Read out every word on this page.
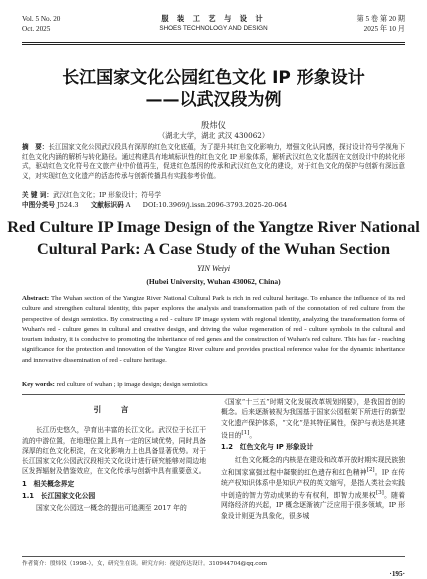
Vol. 5 No. 20
Oct. 2025
服 装 工 艺 与 设 计
SHOES TECHNOLOGY AND DESIGN
第 5 卷 第 20 期
2025 年 10 月
长江国家文化公园红色文化 IP 形象设计
——以武汉段为例
殷炜仪
（湖北大学，湖北 武汉 430062）
摘　要：长江国家文化公园武汉段具有深厚的红色文化底蕴，为了提升其红色文化影响力，增强文化认同感，探讨设计符号学视角下红色文化内涵的解析与转化路径。通过构建具有地域标识性的红色文化 IP 形象体系，解析武汉红色文化基因在文创设计中的转化形式，驱动红色文化符号在文旅产业中价值再生，促进红色基因的传承和武汉红色文化的建设，对于红色文化的保护与创新有深远意义，对实现红色文化遗产的活态传承与创新传播具有实践参考价值。
关 键 词：武汉红色文化；IP 形象设计；符号学
中图分类号 J524.3 文献标识码 A DOI:10.3969/j.issn.2096-3793.2025-20-064
Red Culture IP Image Design of the Yangtze River National
Cultural Park: A Case Study of the Wuhan Section
YIN Weiyi
(Hubei University, Wuhan 430062, China)
Abstract: The Wuhan section of the Yangtze River National Cultural Park is rich in red cultural heritage. To enhance the influence of its red culture and strengthen cultural identity, this paper explores the analysis and transformation path of the connotation of red culture from the perspective of design semiotics. By constructing a red - culture IP image system with regional identity, analyzing the transformation forms of Wuhan's red - culture genes in cultural and creative design, and driving the value regeneration of red - culture symbols in the cultural and tourism industry, it is conducive to promoting the inheritance of red genes and the construction of Wuhan's red culture. This has far - reaching significance for the protection and innovation of the Yangtze River culture and provides practical reference value for the dynamic inheritance and innovative dissemination of red - culture heritage.
Key words: red culture of wuhan ; ip image design; design semiotics
引　言

长江历史悠久，孕育出丰富的长江文化。武汉位于长江干流的中游位置，在地理位置上具有一定的区域优势，同时具备深厚的红色文化积淀，在文化影响力上也具备显著优势。对于长江国家文化公园武汉段相关文化设计进行研究能够对周边地区发挥辐射及借鉴效应，在文化传承与创新中具有重要意义。

1　相关概念界定
1.1　长江国家文化公园

国家文化公园这一概念的提出可追溯至 2017 年的

《国家“十三五”时期文化发展改革规划纲要》，是我国首创的概念。后来逐渐被视为我国基于国家公园框架下所进行的新型文化遗产保护体系，“文化”是其特征属性，保护与表达是其建设目的[1]。

1.2　红色文化与 IP 形象设计

红色文化概念的内核是在建设和改革开放时期实现民族独立和国家富强过程中凝聚的红色遗存和红色精神[2]。IP 在传统产权知识体系中是知识产权的英文缩写，是指人类社会实践中创造的智力劳动成果的专有权利，即智力成果权[3]。随着网络经济的兴起，IP 概念逐渐被广泛应用于很多领域，IP 形象设计则更为具象化，很多城

作者简介：殷炜仪（1998-），女，研究生在读。研究方向：视觉传达设计。310944704@qq.com
·195·
